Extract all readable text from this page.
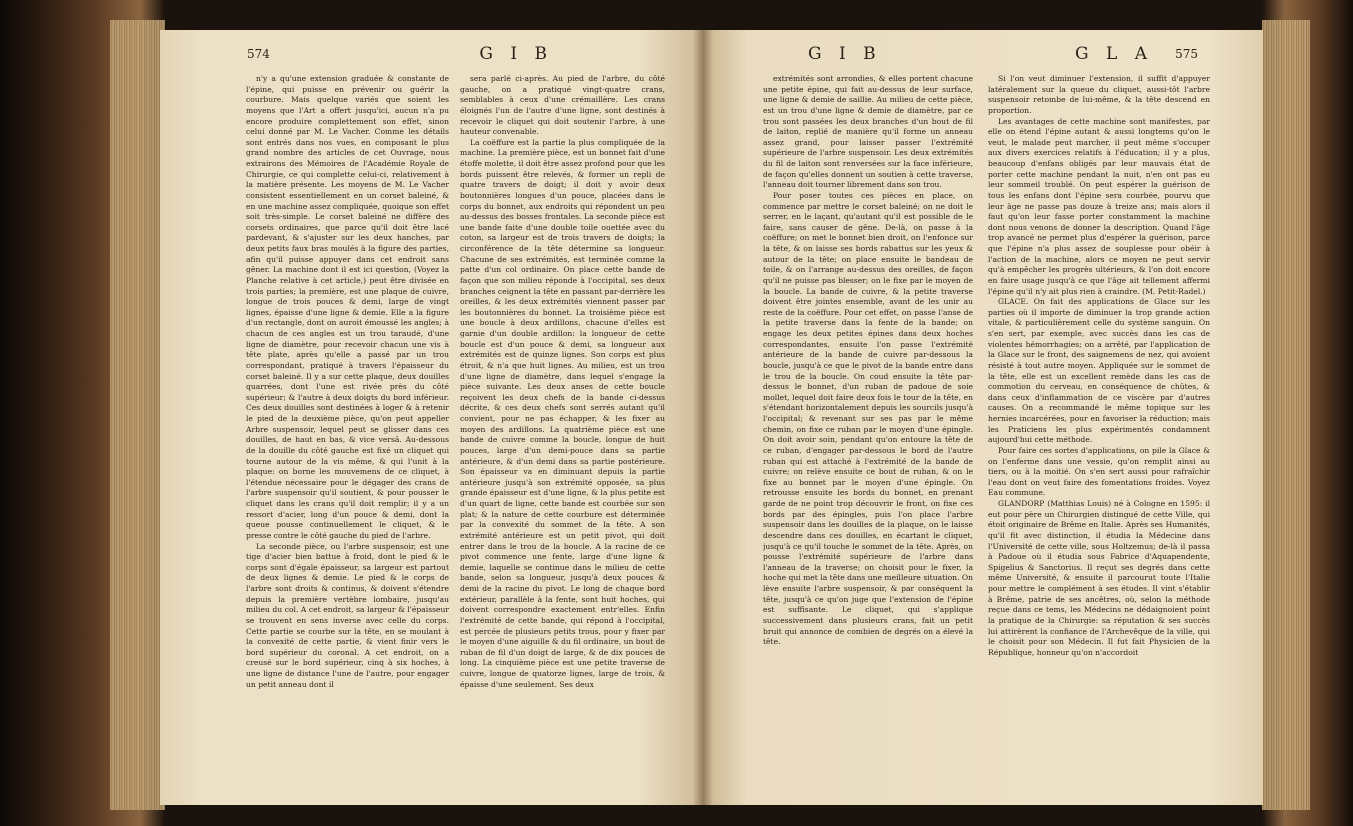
574	G I B

n'y a qu'une extension graduée & constante de l'épine, qui puisse en prévenir ou guérir la courbure. Mais quelque variés que soient les moyens que l'Art a offert jusqu'ici, aucun n'a pu encore produire complettement son effet, sinon celui donné par M. Le Vacher. Comme les détails sont entrés dans nos vues, en composant le plus grand nombre des articles de cet Ouvrage, nous extrairons des Mémoires de l'Académie Royale de Chirurgie, ce qui complette celui-ci, relativement à la matière présente. Les moyens de M. Le Vacher consistent essentiellement en un corset baleiné, & en une machine assez compliquée, quoique son effet soit très-simple. Le corset baleiné ne diffère des corsets ordinaires, que parce qu'il doit être lacé pardevant, & s'ajuster sur les deux hanches, par deux petits faux bras moulés à la figure des parties, afin qu'il puisse appuyer dans cet endroit sans gêner. La machine dont il est ici question, (Voyez la Planche relative à cet article,) peut être divisée en trois parties; la première, est une plaque de cuivre, longue de trois pouces & demi, large de vingt lignes, épaisse d'une ligne & demie. Elle a la figure d'un rectangle, dont on auroit émoussé les angles; à chacun de ces angles est un trou taraudé, d'une ligne de diamètre, pour recevoir chacun une vis à tête plate, après qu'elle a passé par un trou correspondant, pratiqué à travers l'épaisseur du corset baleiné. Il y a sur cette plaque, deux douilles quarrées, dont l'une est rivée près du côté supérieur; & l'autre à deux doigts du bord inférieur. Ces deux douilles sont destinées à loger & à retenir le pied de la deuxième pièce, qu'on peut appeller Arbre suspensoir, lequel peut se glisser dans ces douilles, de haut en bas, & vice versâ. Au-dessous de la douille du côté gauche est fixé un cliquet qui tourne autour de la vis même, & qui l'unit à la plaque: on borne les mouvemens de ce cliquet, à l'étendue nécessaire pour le dégager des crans de l'arbre suspensoir qu'il soutient, & pour pousser le cliquet dans les crans qu'il doit remplir; il y a un ressort d'acier, long d'un pouce & demi, dont la queue pousse continuellement le cliquet, & le presse contre le côté gauche du pied de l'arbre.

La seconde pièce, ou l'arbre suspensoir, est une tige d'acier bien battue à froid, dont le pied & le corps sont d'égale épaisseur, sa largeur est partout de deux lignes & demie. Le pied & le corps de l'arbre sont droits & continus, & doivent s'étendre depuis la première vertèbre lombaire, jusqu'au milieu du col. A cet endroit, sa largeur & l'épaisseur se trouvent en sens inverse avec celle du corps. Cette partie se courbe sur la tête, en se moulant à la convexité de cette partie, & vient finir vers le bord supérieur du coronal. A cet endroit, on a creusé sur le bord supérieur, cinq à six hoches, à une ligne de distance l'une de l'autre, pour engager un petit anneau dont il

sera parlé ci-après. Au pied de l'arbre, du côté gauche, on a pratiqué vingt-quatre crans, semblables à ceux d'une crémaillère. Les crans éloignés l'un de l'autre d'une ligne, sont destinés à recevoir le cliquet qui doit soutenir l'arbre, à une hauteur convenable.

La coëffure est la partie la plus compliquée de la machine. La première pièce, est un bonnet fait d'une étoffe molette, il doit être assez profond pour que les bords puissent être relevés, & former un repli de quatre travers de doigt; il doit y avoir deux boutonnières longues d'un pouce, placées dans le corps du bonnet, aux endroits qui répondent un peu au-dessus des bosses frontales. La seconde pièce est une bande faite d'une double toile ouettée avec du coton, sa largeur est de trois travers de doigts; la circonférence de la tête détermine sa longueur. Chacune de ses extrémités, est terminée comme la patte d'un col ordinaire. On place cette bande de façon que son milieu réponde à l'occipital, ses deux branches ceignent la tête en passant par-derrière les oreilles, & les deux extrémités viennent passer par les boutonnières du bonnet. La troisième pièce est une boucle à deux ardillons, chacune d'elles est garnie d'un double ardillon: la longueur de cette boucle est d'un pouce & demi, sa longueur aux extrémités est de quinze lignes. Son corps est plus étroit, & n'a que huit lignes. Au milieu, est un trou d'une ligne de diamètre, dans lequel s'engage la pièce suivante. Les deux anses de cette boucle reçoivent les deux chefs de la bande ci-dessus décrite, & ces deux chefs sont serrés autant qu'il convient, pour ne pas échapper, & les fixer au moyen des ardillons. La quatrième pièce est une bande de cuivre comme la boucle, longue de huit pouces, large d'un demi-pouce dans sa partie antérieure, & d'un demi dans sa partie postérieure. Son épaisseur va en diminuant depuis la partie antérieure jusqu'à son extrémité opposée, sa plus grande épaisseur est d'une ligne, & la plus petite est d'un quart de ligne, cette bande est courbée sur son plat; & la nature de cette courbure est déterminée par la convexité du sommet de la tête. A son extrémité antérieure est un petit pivot, qui doit entrer dans le trou de la boucle. A la racine de ce pivot commence une fente, large d'une ligne & demie, laquelle se continue dans le milieu de cette bande, selon sa longueur, jusqu'à deux pouces & demi de la racine du pivot. Le long de chaque bord extérieur, parallèle à la fente, sont huit hoches, qui doivent correspondre exactement entr'elles. Enfin l'extrémité de cette bande, qui répond à l'occipital, est percée de plusieurs petits trous, pour y fixer par le moyen d'une aiguille & du fil ordinaire, un bout de ruban de fil d'un doigt de large, & de dix pouces de long. La cinquième pièce est une petite traverse de cuivre, longue de quatorze lignes, large de trois, & épaisse d'une seulement. Ses deux

G I B	G L A 575

extrémités sont arrondies, & elles portent chacune une petite épine, qui fait au-dessus de leur surface, une ligne & demie de saillie. Au milieu de cette pièce, est un trou d'une ligne & demie de diamètre, par ce trou sont passées les deux branches d'un bout de fil de laiton, replié de manière qu'il forme un anneau assez grand, pour laisser passer l'extrémité supérieure de l'arbre suspensoir. Les deux extrémités du fil de laiton sont renversées sur la face inférieure, de façon qu'elles donnent un soutien à cette traverse, l'anneau doit tourner librement dans son trou.

Pour poser toutes ces pièces en place, on commence par mettre le corset baleiné; on ne doit le serrer, en le laçant, qu'autant qu'il est possible de le faire, sans causer de gêne. De-là, on passe à la coëffure; on met le bonnet bien droit, on l'enfonce sur la tête, & on laisse ses bords rabattus sur les yeux & autour de la tête; on place ensuite le bandeau de toile, & on l'arrange au-dessus des oreilles, de façon qu'il ne puisse pas blesser; on le fixe par le moyen de la boucle. La bande de cuivre, & la petite traverse doivent être jointes ensemble, avant de les unir au reste de la coëffure. Pour cet effet, on passe l'anse de la petite traverse dans la fente de la bande; on engage les deux petites épines dans deux hoches correspondantes, ensuite l'on passe l'extrémité antérieure de la bande de cuivre par-dessous la boucle, jusqu'à ce que le pivot de la bande entre dans le trou de la boucle. On coud ensuite la tête par-dessus le bonnet, d'un ruban de padoue de soie mollet, lequel doit faire deux fois le tour de la tête, en s'étendant horizontalement depuis les sourcils jusqu'à l'occipital; & revenant sur ses pas par le même chemin, on fixe ce ruban par le moyen d'une épingle. On doit avoir soin, pendant qu'on entoure la tête de ce ruban, d'engager par-dessous le bord de l'autre ruban qui est attaché à l'extrémité de la bande de cuivre; on relève ensuite ce bout de ruban, & on le fixe au bonnet par le moyen d'une épingle. On retrousse ensuite les bords du bonnet, en prenant garde de ne point trop découvrir le front, on fixe ces bords par des épingles, puis l'on place l'arbre suspensoir dans les douilles de la plaque, on le laisse descendre dans ces douilles, en écartant le cliquet, jusqu'à ce qu'il touche le sommet de la tête. Après, on pousse l'extrémité supérieure de l'arbre dans l'anneau de la traverse; on choisit pour le fixer, la hoche qui met la tête dans une meilleure situation. On lève ensuite l'arbre suspensoir, & par conséquent la tête, jusqu'à ce qu'on juge que l'extension de l'épine est suffisante. Le cliquet, qui s'applique successivement dans plusieurs crans, fait un petit bruit qui annonce de combien de degrés on a élevé la tête.

Si l'on veut diminuer l'extension, il suffit d'appuyer latéralement sur la queue du cliquet, aussi-tôt l'arbre suspensoir retombe de lui-même, & la tête descend en proportion.

Les avantages de cette machine sont manifestes, par elle on étend l'épine autant & aussi longtems qu'on le veut, le malade peut marcher, il peut même s'occuper aux divers exercices relatifs à l'éducation; il y a plus, beaucoup d'enfans obligés par leur mauvais état de porter cette machine pendant la nuit, n'en ont pas eu leur sommeil troublé. On peut espérer la guérison de tous les enfans dont l'épine sera courbée, pourvu que leur âge ne passe pas douze à treize ans; mais alors il faut qu'on leur fasse porter constamment la machine dont nous venons de donner la description. Quand l'âge trop avancé ne permet plus d'espérer la guérison, parce que l'épine n'a plus assez de souplesse pour obéir à l'action de la machine, alors ce moyen ne peut servir qu'à empêcher les progrès ultérieurs, & l'on doit encore en faire usage jusqu'à ce que l'âge ait tellement affermi l'épine qu'il n'y ait plus rien à craindre. (M. Petit-Radel.)

GLACE. On fait des applications de Glace sur les parties où il importe de diminuer la trop grande action vitale, & particulièrement celle du système sanguin. On s'en sert, par exemple, avec succès dans les cas de violentes hémorrhagies; on a arrêté, par l'application de la Glace sur le front, des saignemens de nez, qui avoient résisté à tout autre moyen. Appliquée sur le sommet de la tête, elle est un excellent remède dans les cas de commotion du cerveau, en conséquence de chûtes, & dans ceux d'inflammation de ce viscère par d'autres causes. On a recommandé le même topique sur les hernies incarcérées, pour en favoriser la réduction; mais les Praticiens les plus expérimentés condamnent aujourd'hui cette méthode.

Pour faire ces sortes d'applications, on pile la Glace & on l'enferme dans une vessie, qu'on remplit ainsi au tiers, ou à la moitié. On s'en sert aussi pour rafraîchir l'eau dont on veut faire des fomentations froides. Voyez Eau commune.

GLANDORP (Matthias Louis) né à Cologne en 1595: il eut pour père un Chirurgien distingué de cette Ville, qui étoit originaire de Brême en Italie. Après ses Humanités, qu'il fit avec distinction, il étudia la Médecine dans l'Université de cette ville, sous Holtzemus; de-là il passa à Padoue où il étudia sous Fabrice d'Aquapendente, Spigelius & Sanctorius. Il reçut ses degrés dans cette même Université, & ensuite il parcourut toute l'Italie pour mettre le complément à ses études. Il vint s'établir à Brême, patrie de ses ancêtres, où, selon la méthode reçue dans ce tems, les Médecins ne dédaignoient point la pratique de la Chirurgie: sa réputation & ses succès lui attirèrent la confiance de l'Archevêque de la ville, qui le choisit pour son Médecin. Il fut fait Physicien de la République, honneur qu'on n'accordoit
